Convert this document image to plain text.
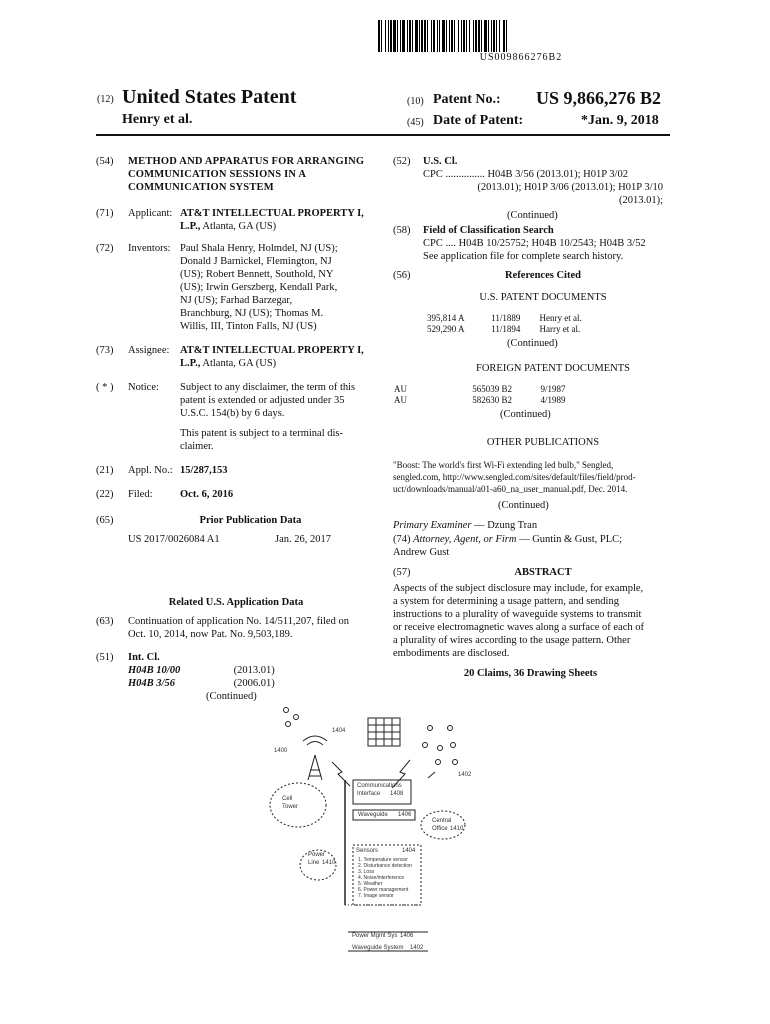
US009866276B2
(12) United States Patent
Henry et al.
(10) Patent No.: US 9,866,276 B2
(45) Date of Patent:	*Jan. 9, 2018
(54) METHOD AND APPARATUS FOR ARRANGING COMMUNICATION SESSIONS IN A COMMUNICATION SYSTEM
(71) Applicant: AT&T INTELLECTUAL PROPERTY I, L.P., Atlanta, GA (US)
(72) Inventors: Paul Shala Henry, Holmdel, NJ (US);
Donald J Barnickel, Flemington, NJ
(US); Robert Bennett, Southold, NY
(US); Irwin Gerszberg, Kendall Park,
NJ (US); Farhad Barzegar,
Branchburg, NJ (US); Thomas M.
Willis, III, Tinton Falls, NJ (US)
(73) Assignee: AT&T INTELLECTUAL PROPERTY I, L.P., Atlanta, GA (US)
( * ) Notice: Subject to any disclaimer, the term of this
patent is extended or adjusted under 35
U.S.C. 154(b) by 6 days.
This patent is subject to a terminal dis-
claimer.
(21) Appl. No.: 15/287,153
(22) Filed:	Oct. 6, 2016
(65)	Prior Publication Data
US 2017/0026084 A1	Jan. 26, 2017
Related U.S. Application Data
(63) Continuation of application No. 14/511,207, filed on
Oct. 10, 2014, now Pat. No. 9,503,189.
(51) Int. Cl.
H04B 10/00	(2013.01)
H04B 3/56	(2006.01)
(Continued)
(52) U.S. Cl.
CPC ............... H04B 3/56 (2013.01); H01P 3/02
(2013.01); H01P 3/06 (2013.01); H01P 3/10
(2013.01);
(Continued)
(58) Field of Classification Search
CPC .... H04B 10/25752; H04B 10/2543; H04B 3/52
See application file for complete search history.
(56)	References Cited
U.S. PATENT DOCUMENTS
395,814 A	11/1889 Henry et al.
529,290 A	11/1894 Harry et al.
(Continued)
FOREIGN PATENT DOCUMENTS
AU	565039 B2	9/1987
AU	582630 B2	4/1989
(Continued)
OTHER PUBLICATIONS
"Boost: The world's first Wi-Fi extending led bulb," Sengled,
sengled.com, http://www.sengled.com/sites/default/files/field/prod-
uct/downloads/manual/a01-a60_na_user_manual.pdf, Dec. 2014.
(Continued)
Primary Examiner — Dzung Tran
(74) Attorney, Agent, or Firm — Guntin & Gust, PLC;
Andrew Gust
(57)	ABSTRACT
Aspects of the subject disclosure may include, for example,
a system for determining a usage pattern, and sending
instructions to a plurality of waveguide systems to transmit
or receive electromagnetic waves along a surface of each of
a plurality of wires according to the usage pattern. Other
embodiments are disclosed.
20 Claims, 36 Drawing Sheets
1400
1404
1402
Cell
Tower
Communications
Interface 1408
Waveguide 1406
Central
Office 1410
Sensors	1404
1. Temperature sensor
2. Disturbance detection
3. Loss
4. Noise/interference
5. Weather
6. Power management
7. Image sensor
Power
Line 1410
Power Mgmt Sys 1406
Waveguide System 1402
